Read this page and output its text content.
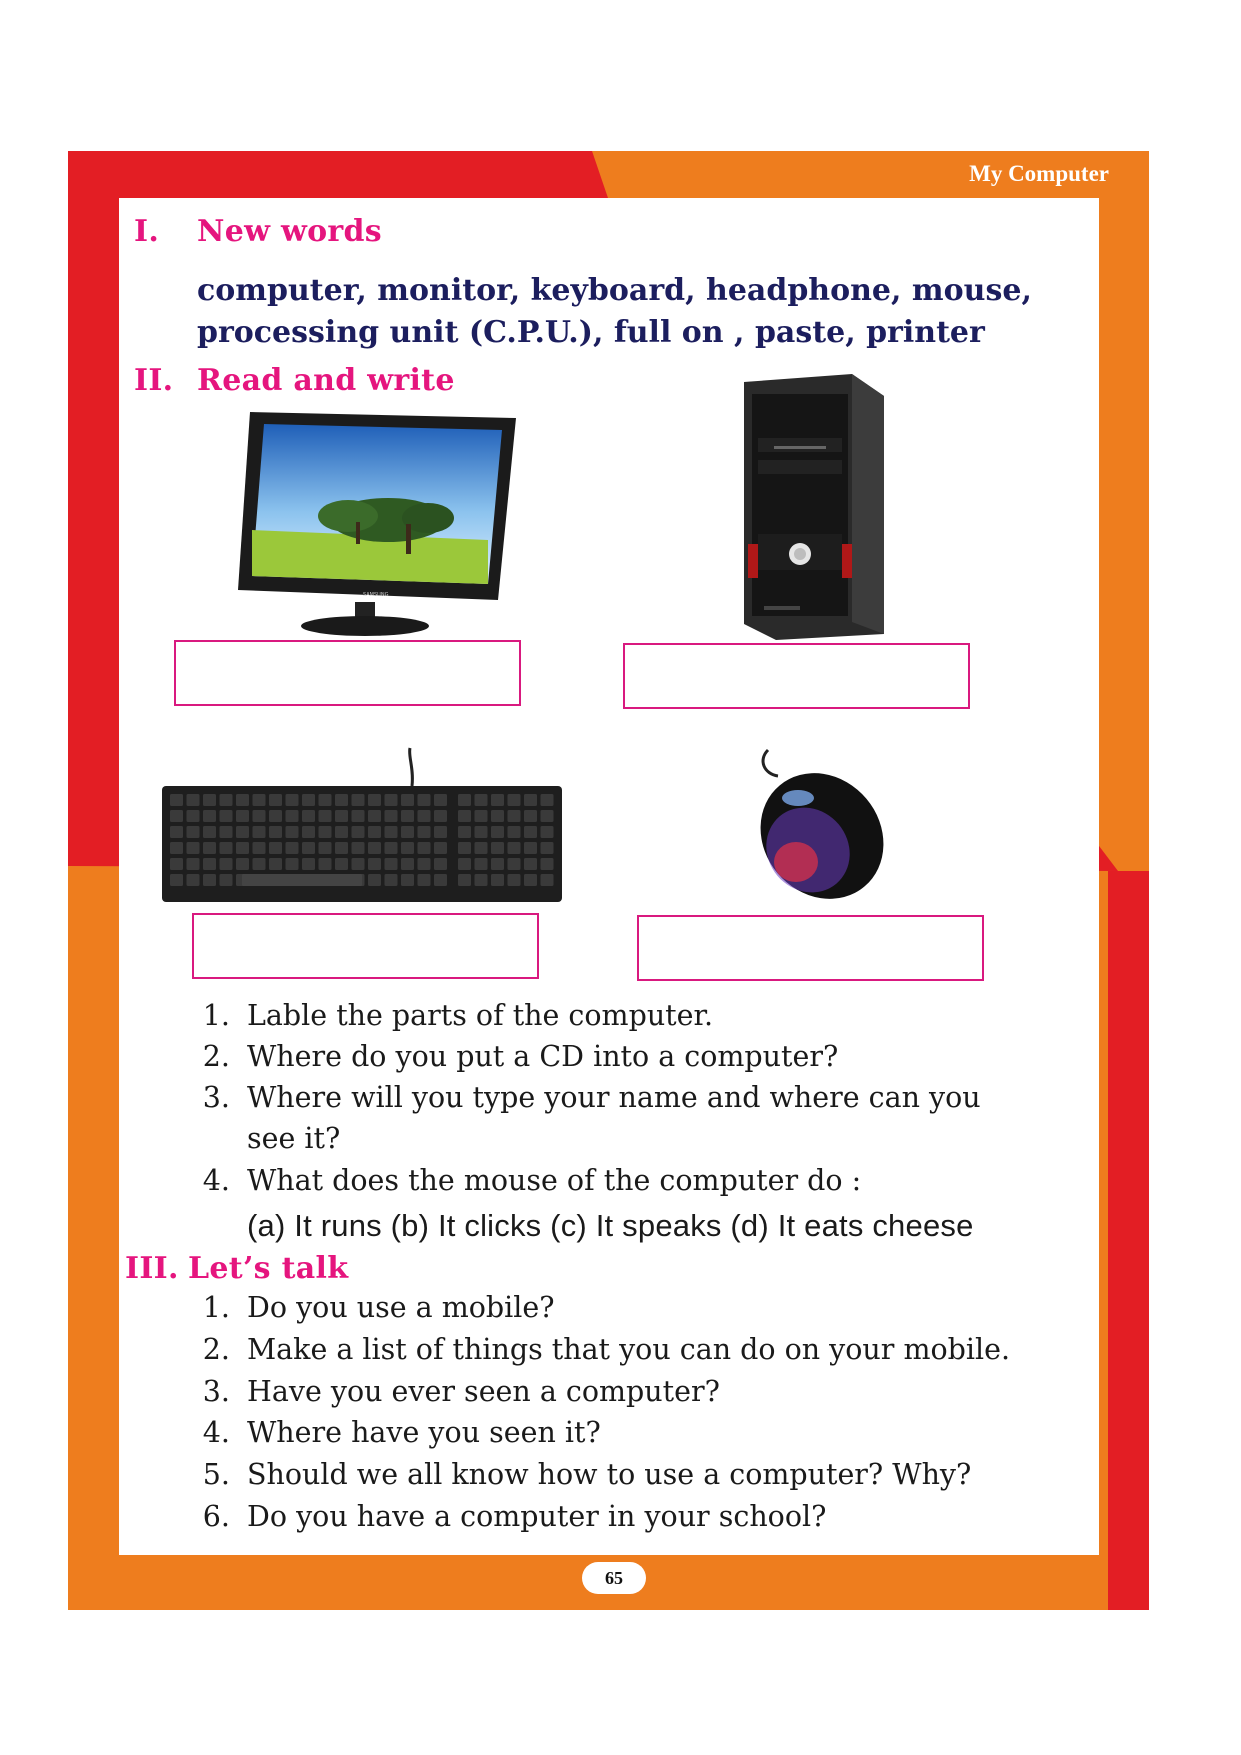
My Computer
I. New words
computer, monitor, keyboard, headphone, mouse,
processing unit (C.P.U.), full on , paste, printer
II. Read and write
SAMSUNG
1. Lable the parts of the computer.
2. Where do you put a CD into a computer?
3. Where will you type your name and where can you
see it?
4. What does the mouse of the computer do :
(a) It runs (b) It clicks (c) It speaks (d) It eats cheese
III. Let’s talk
1. Do you use a mobile?
2. Make a list of things that you can do on your mobile.
3. Have you ever seen a computer?
4. Where have you seen it?
5. Should we all know how to use a computer? Why?
6. Do you have a computer in your school?
65
